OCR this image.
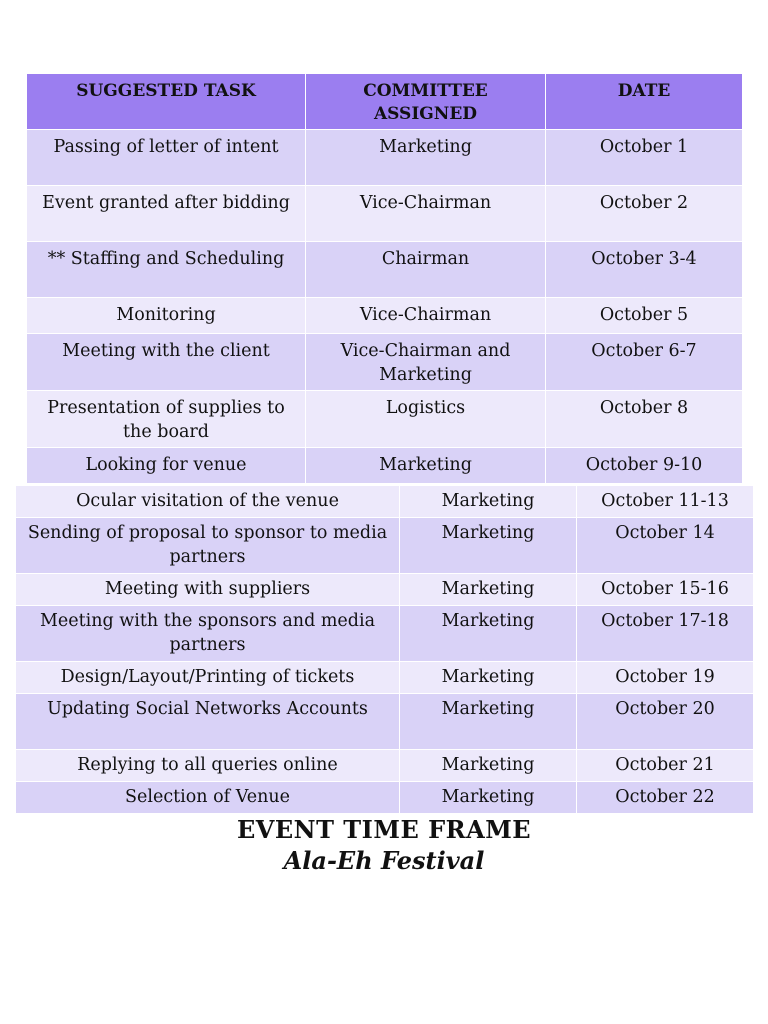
SUGGESTED TASK	COMMITTEE ASSIGNED	DATE
Passing of letter of intent	Marketing	October 1
Event granted after bidding	Vice-Chairman	October 2
** Staffing and Scheduling	Chairman	October 3-4
Monitoring	Vice-Chairman	October 5
Meeting with the client	Vice-Chairman and Marketing	October 6-7
Presentation of supplies to the board	Logistics	October 8
Looking for venue	Marketing	October 9-10
Ocular visitation of the venue	Marketing	October 11-13
Sending of proposal to sponsor to media partners	Marketing	October 14
Meeting with suppliers	Marketing	October 15-16
Meeting with the sponsors and media partners	Marketing	October 17-18
Design/Layout/Printing of tickets	Marketing	October 19
Updating Social Networks Accounts	Marketing	October 20
Replying to all queries online	Marketing	October 21
Selection of Venue	Marketing	October 22
EVENT TIME FRAME
Ala-Eh Festival
